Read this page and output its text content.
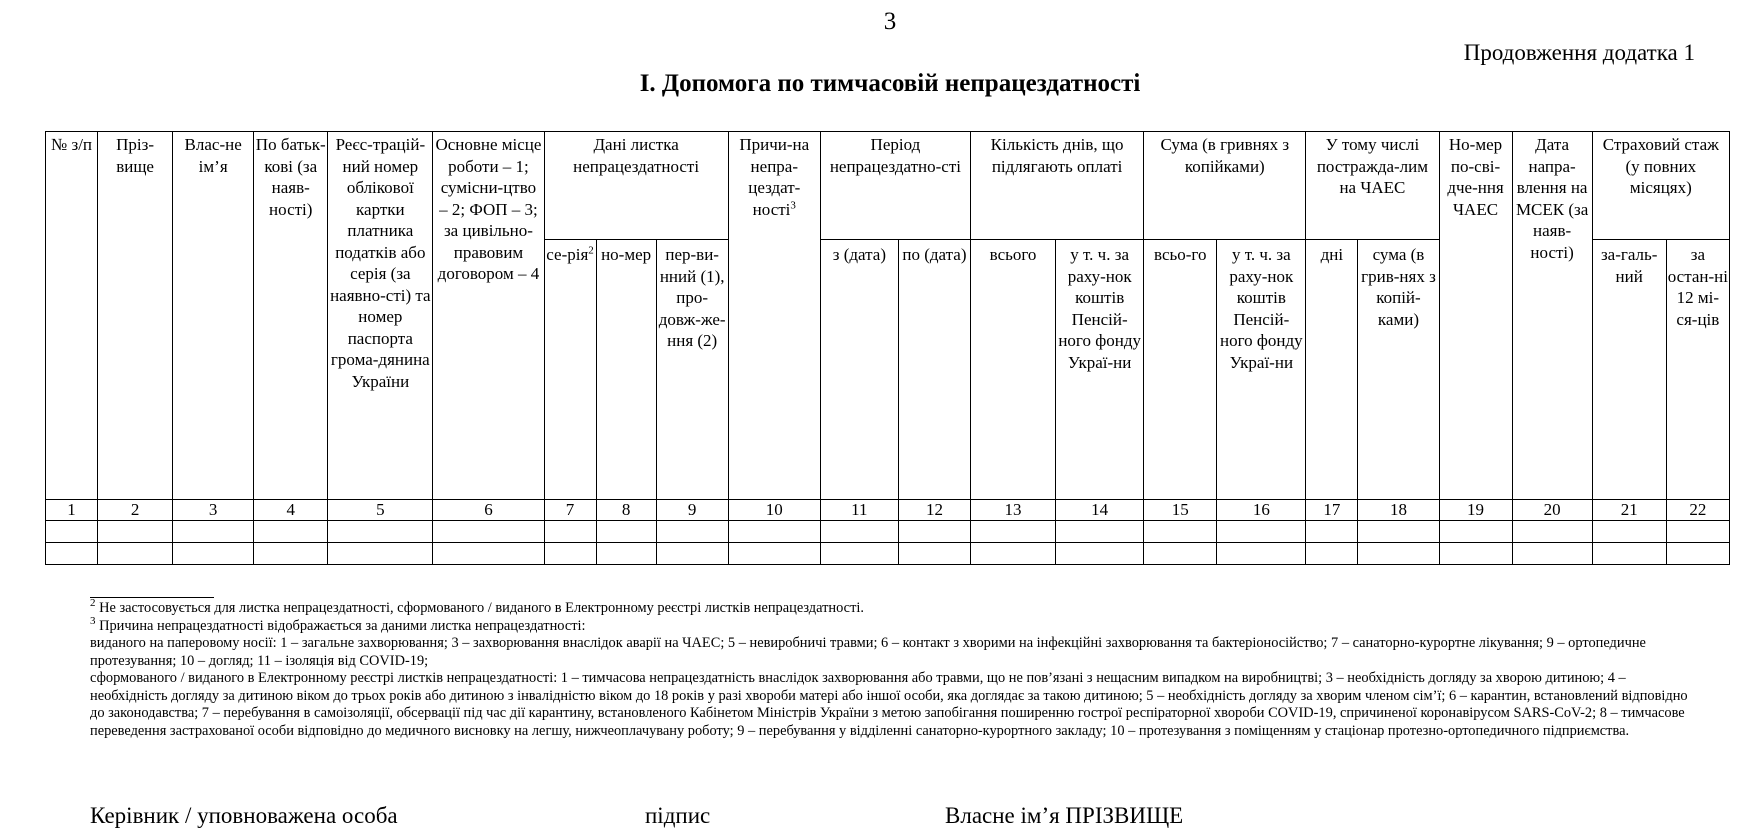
3
Продовження додатка 1
І. Допомога по тимчасовій непрацездатності
№ з/п	Пріз-вище	Влас-не ім’я	По батьк-кові (за наяв-ності)	Реєс-трацій-ний номер облікової картки платника податків або серія (за наявно-сті) та номер паспорта грома-дянина України	Основне місце роботи – 1; сумісни-цтво – 2; ФОП – 3; за цивільно-правовим договором – 4	Дані листка непрацездатності			Причи-на непра-цездат-ності$^3$	Період непрацездатно-сті		Кількість днів, що підлягають оплаті		Сума (в гривнях з копійками)		У тому числі постражда-лим на ЧАЕС		Но-мер по-сві-дче-ння ЧАЕС	Дата напра-влення на МСЕК (за наяв-ності)	Страховий стаж (у повних місяцях)	
						се-рія$^2$	но-мер	пер-ви-нний (1), про-довж-же-ння (2)		з (дата)	по (дата)	всього	у т. ч. за раху-нок коштів Пенсій-ного фонду Украї-ни	всьо-го	у т. ч. за раху-нок коштів Пенсій-ного фонду Украї-ни	дні	сума (в грив-нях з копій-ками)			за-галь-ний	за остан-ні 12 мі-ся-ців
1	2	3	4	5	6	7	8	9	10	11	12	13	14	15	16	17	18	19	20	21	22

$^2$ Не застосовується для листка непрацездатності, сформованого / виданого в Електронному реєстрі листків непрацездатності.

$^3$ Причина непрацездатності відображається за даними листка непрацездатності:

виданого на паперовому носії: 1 – загальне захворювання; 3 – захворювання внаслідок аварії на ЧАЕС; 5 – невиробничі травми; 6 – контакт з хворими на інфекційні захворювання та бактеріоносійство; 7 – санаторно-курортне лікування; 9 – ортопедичне протезування; 10 – догляд; 11 – ізоляція від COVID-19;

сформованого / виданого в Електронному реєстрі листків непрацездатності: 1 – тимчасова непрацездатність внаслідок захворювання або травми, що не пов’язані з нещасним випадком на виробництві; 3 – необхідність догляду за хворою дитиною; 4 – необхідність догляду за дитиною віком до трьох років або дитиною з інвалідністю віком до 18 років у разі хвороби матері або іншої особи, яка доглядає за такою дитиною; 5 – необхідність догляду за хворим членом сім’ї; 6 – карантин, встановлений відповідно до законодавства; 7 – перебування в самоізоляції, обсервації під час дії карантину, встановленого Кабінетом Міністрів України з метою запобігання поширенню гострої респіраторної хвороби COVID-19, спричиненої коронавірусом SARS-CoV-2; 8 – тимчасове переведення застрахованої особи відповідно до медичного висновку на легшу, нижчеоплачувану роботу; 9 – перебування у відділенні санаторно-курортного закладу; 10 – протезування з поміщенням у стаціонар протезно-ортопедичного підприємства.

Керівник / уповноважена особа	підпис	Власне ім’я ПРІЗВИЩЕ
